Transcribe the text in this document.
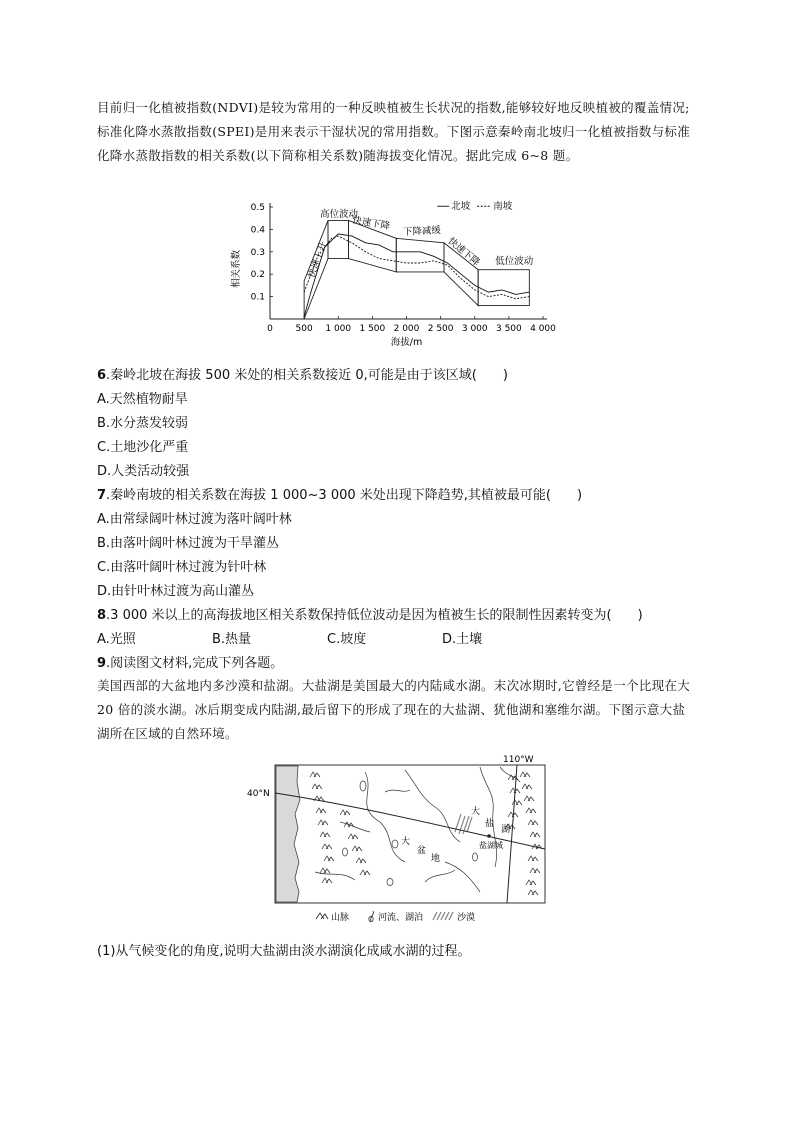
目前归一化植被指数(NDVI)是较为常用的一种反映植被生长状况的指数,能够较好地反映植被的覆盖情况;标准化降水蒸散指数(SPEI)是用来表示干湿状况的常用指数。下图示意秦岭南北坡归一化植被指数与标准化降水蒸散指数的相关系数(以下简称相关系数)随海拔变化情况。据此完成 6~8 题。
0	500 1 000 1 500 2 000 2 500 3 000 3 500 4 000
0.1
0.2
0.3
0.4
0.5
海拔/m
相关系数	快速上升
高位波动
快速下降 下降减缓
快速下降 低位波动
北坡 南坡
6.秦岭北坡在海拔 500 米处的相关系数接近 0,可能是由于该区域(　　)
A.天然植物耐旱
B.水分蒸发较弱
C.土地沙化严重
D.人类活动较强
7.秦岭南坡的相关系数在海拔 1 000~3 000 米处出现下降趋势,其植被最可能(　　)
A.由常绿阔叶林过渡为落叶阔叶林
B.由落叶阔叶林过渡为干旱灌丛
C.由落叶阔叶林过渡为针叶林
D.由针叶林过渡为高山灌丛
8.3 000 米以上的高海拔地区相关系数保持低位波动是因为植被生长的限制性因素转变为(　　)
A.光照	B.热量	C.坡度	D.土壤
9.阅读图文材料,完成下列各题。
美国西部的大盆地内多沙漠和盐湖。大盐湖是美国最大的内陆咸水湖。末次冰期时,它曾经是一个比现在大 20 倍的淡水湖。冰后期变成内陆湖,最后留下的形成了现在的大盐湖、犹他湖和塞维尔湖。下图示意大盐湖所在区域的自然环境。
40°N
110°W
大
盆
地
大
盐
湖
盐湖城
山脉	河流、湖泊	沙漠
(1)从气候变化的角度,说明大盐湖由淡水湖演化成咸水湖的过程。
